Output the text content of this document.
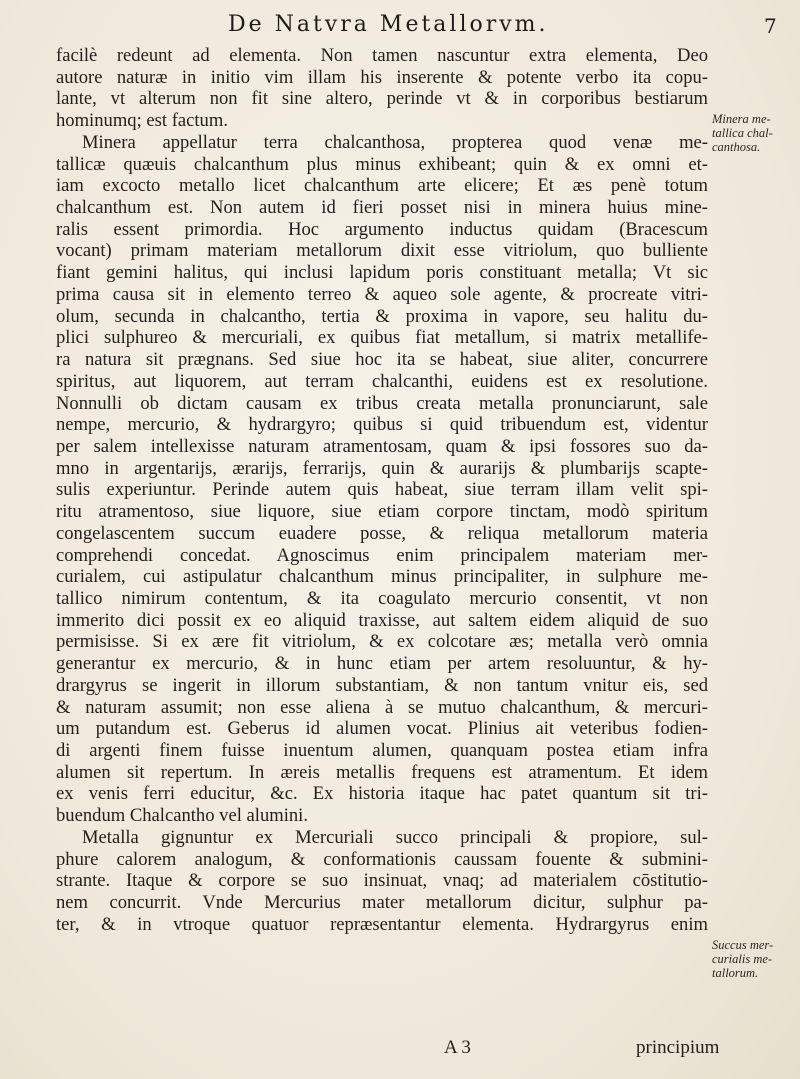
De Natvra Metallorvm.	7
facilè redeunt ad elementa. Non tamen nascuntur extra elementa, Deo
autore naturæ in initio vim illam his inserente & potente verbo ita copu-
lante, vt alterum non fit sine altero, perinde vt & in corporibus bestiarum
hominumq; est factum.
Minera appellatur terra chalcanthosa, propterea quod venæ me-
tallicæ quæuis chalcanthum plus minus exhibeant; quin & ex omni et-
iam excocto metallo licet chalcanthum arte elicere; Et æs penè totum
chalcanthum est. Non autem id fieri posset nisi in minera huius mine-
ralis essent primordia. Hoc argumento inductus quidam (Bracescum
vocant) primam materiam metallorum dixit esse vitriolum, quo bulliente
fiant gemini halitus, qui inclusi lapidum poris constituant metalla; Vt sic
prima causa sit in elemento terreo & aqueo sole agente, & procreate vitri-
olum, secunda in chalcantho, tertia & proxima in vapore, seu halitu du-
plici sulphureo & mercuriali, ex quibus fiat metallum, si matrix metallife-
ra natura sit prægnans. Sed siue hoc ita se habeat, siue aliter, concurrere
spiritus, aut liquorem, aut terram chalcanthi, euidens est ex resolutione.
Nonnulli ob dictam causam ex tribus creata metalla pronunciarunt, sale
nempe, mercurio, & hydrargyro; quibus si quid tribuendum est, videntur
per salem intellexisse naturam atramentosam, quam & ipsi fossores suo da-
mno in argentarijs, ærarijs, ferrarijs, quin & aurarijs & plumbarijs scapte-
sulis experiuntur. Perinde autem quis habeat, siue terram illam velit spi-
ritu atramentoso, siue liquore, siue etiam corpore tinctam, modò spiritum
congelascentem succum euadere posse, & reliqua metallorum materia
comprehendi concedat. Agnoscimus enim principalem materiam mer-
curialem, cui astipulatur chalcanthum minus principaliter, in sulphure me-
tallico nimirum contentum, & ita coagulato mercurio consentit, vt non
immerito dici possit ex eo aliquid traxisse, aut saltem eidem aliquid de suo
permisisse. Si ex ære fit vitriolum, & ex colcotare æs; metalla verò omnia
generantur ex mercurio, & in hunc etiam per artem resoluuntur, & hy-
drargyrus se ingerit in illorum substantiam, & non tantum vnitur eis, sed
& naturam assumit; non esse aliena à se mutuo chalcanthum, & mercuri-
um putandum est. Geberus id alumen vocat. Plinius ait veteribus fodien-
di argenti finem fuisse inuentum alumen, quanquam postea etiam infra
alumen sit repertum. In æreis metallis frequens est atramentum. Et idem
ex venis ferri educitur, &c. Ex historia itaque hac patet quantum sit tri-
buendum Chalcantho vel alumini.
Metalla gignuntur ex Mercuriali succo principali & propiore, sul-
phure calorem analogum, & conformationis caussam fouente & submini-
strante. Itaque & corpore se suo insinuat, vnaq; ad materialem cōstitutio-
nem concurrit. Vnde Mercurius mater metallorum dicitur, sulphur pa-
ter, & in vtroque quatuor repræsentantur elementa. Hydrargyrus enim
Minera me-
tallica chal-
canthosa.
Succus mer-
curialis me-
tallorum.
A 3	principium
